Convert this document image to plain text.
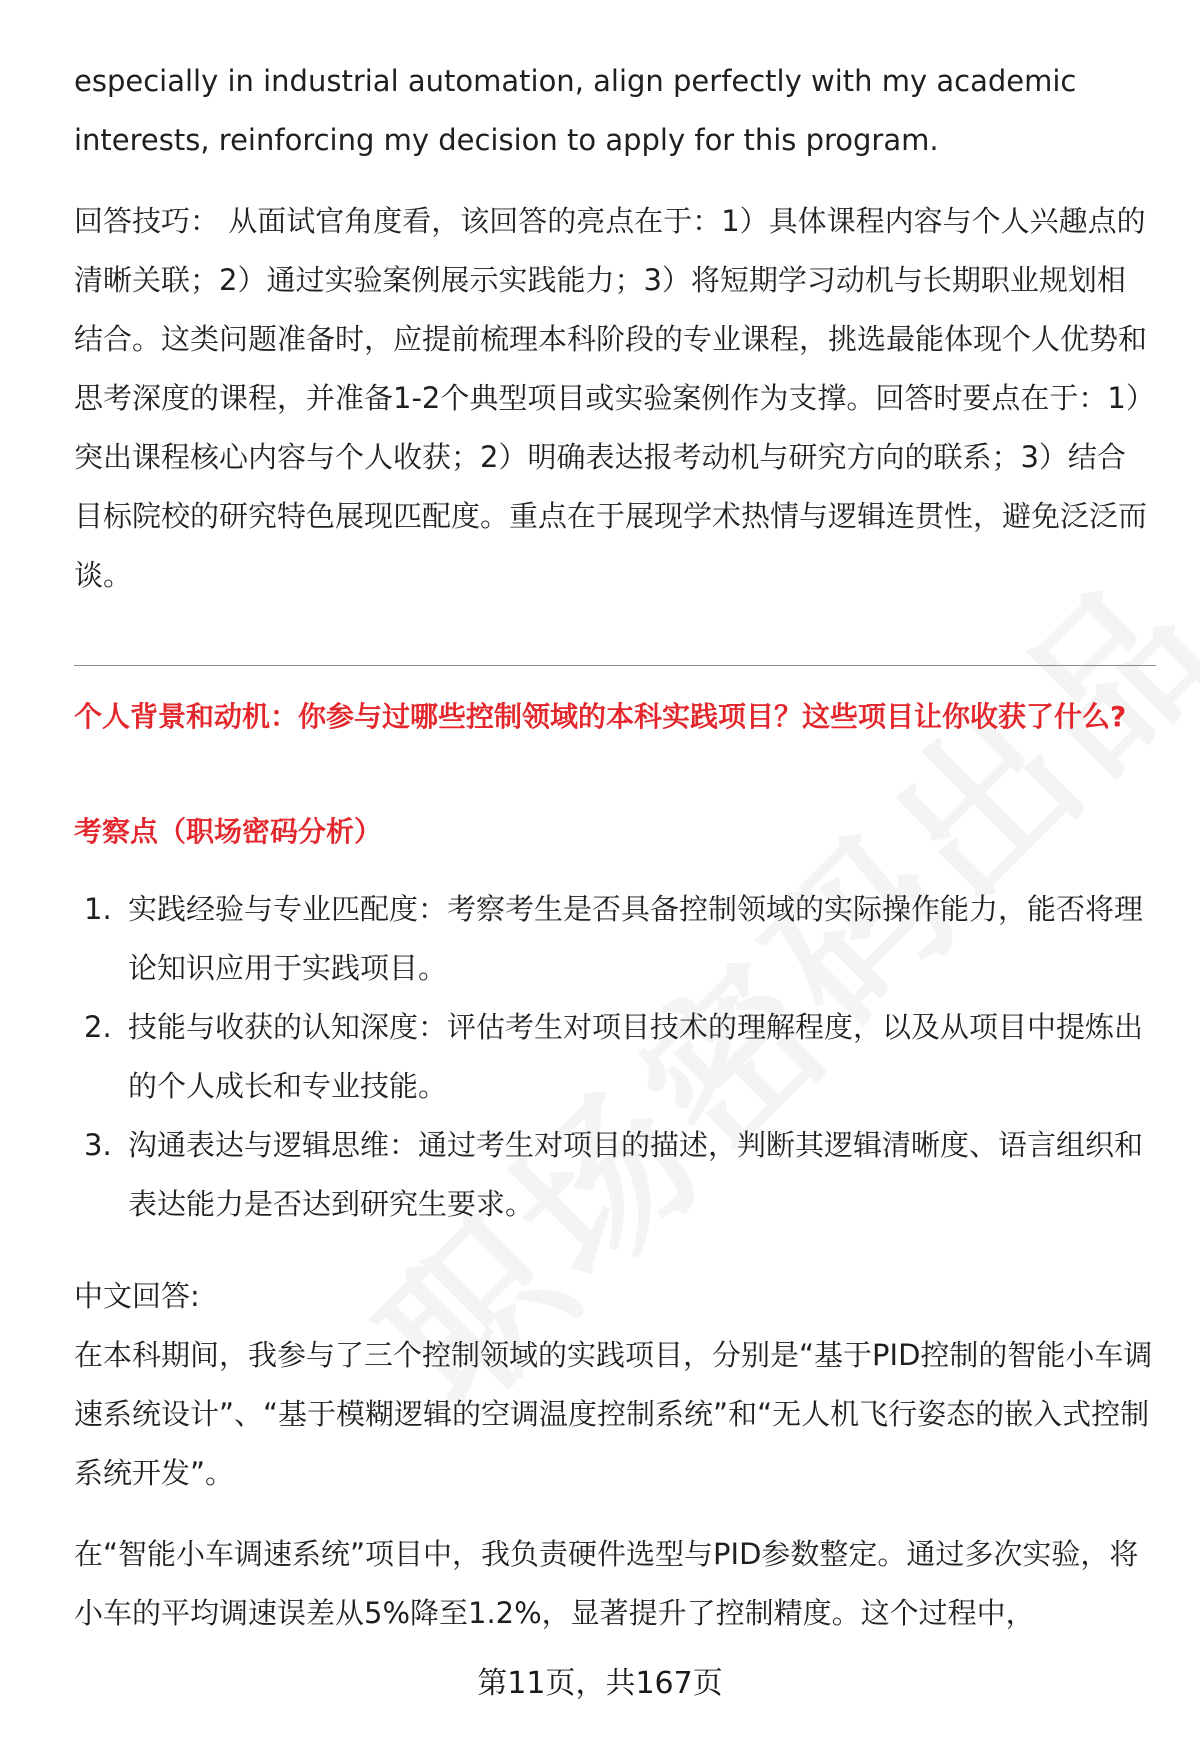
especially in industrial automation, align perfectly with my academic

interests, reinforcing my decision to apply for this program.

回答技巧： 从面试官角度看，该回答的亮点在于：1）具体课程内容与个人兴趣点的清晰关联；2）通过实验案例展示实践能力；3）将短期学习动机与长期职业规划相结合。这类问题准备时，应提前梳理本科阶段的专业课程，挑选最能体现个人优势和思考深度的课程，并准备1-2个典型项目或实验案例作为支撑。回答时要点在于：1）突出课程核心内容与个人收获；2）明确表达报考动机与研究方向的联系；3）结合目标院校的研究特色展现匹配度。重点在于展现学术热情与逻辑连贯性，避免泛泛而谈。

个人背景和动机：你参与过哪些控制领域的本科实践项目？这些项目让你收获了什么?

考察点（职场密码分析）

1. 实践经验与专业匹配度：考察考生是否具备控制领域的实际操作能力，能否将理论知识应用于实践项目。
2. 技能与收获的认知深度：评估考生对项目技术的理解程度，以及从项目中提炼出的个人成长和专业技能。
3. 沟通表达与逻辑思维：通过考生对项目的描述，判断其逻辑清晰度、语言组织和表达能力是否达到研究生要求。

中文回答:

在本科期间，我参与了三个控制领域的实践项目，分别是“基于PID控制的智能小车调速系统设计”、“基于模糊逻辑的空调温度控制系统”和“无人机飞行姿态的嵌入式控制系统开发”。

在“智能小车调速系统”项目中，我负责硬件选型与PID参数整定。通过多次实验，将小车的平均调速误差从5%降至1.2%，显著提升了控制精度。这个过程中，

第11页，共167页
